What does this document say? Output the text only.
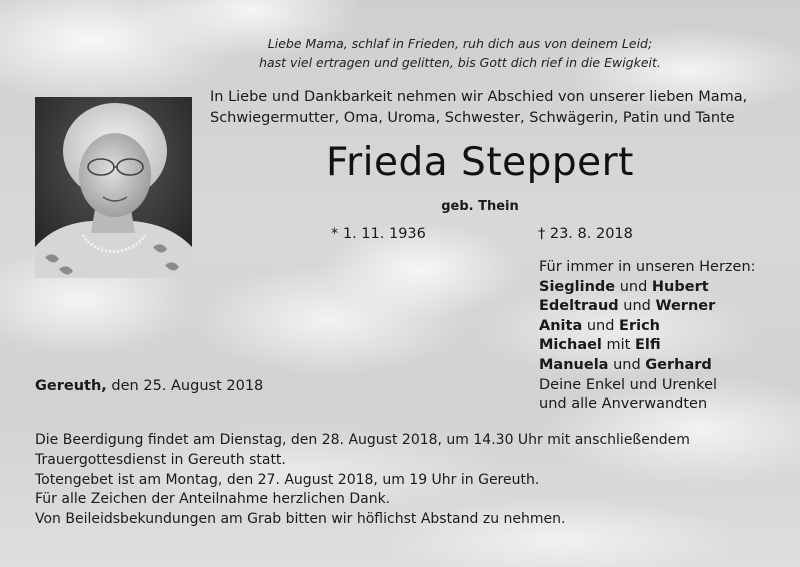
Liebe Mama, schlaf in Frieden, ruh dich aus von deinem Leid;
hast viel ertragen und gelitten, bis Gott dich rief in die Ewigkeit.
In Liebe und Dankbarkeit nehmen wir Abschied von unserer lieben Mama,
Schwiegermutter, Oma, Uroma, Schwester, Schwägerin, Patin und Tante
Frieda Steppert
geb. Thein
* 1. 11. 1936	† 23. 8. 2018
Für immer in unseren Herzen:
Sieglinde und Hubert
Edeltraud und Werner
Anita und Erich
Michael mit Elfi
Manuela und Gerhard
Deine Enkel und Urenkel
und alle Anverwandten
Gereuth, den 25. August 2018
Die Beerdigung findet am Dienstag, den 28. August 2018, um 14.30 Uhr mit anschließendem
Trauergottesdienst in Gereuth statt.
Totengebet ist am Montag, den 27. August 2018, um 19 Uhr in Gereuth.
Für alle Zeichen der Anteilnahme herzlichen Dank.
Von Beileidsbekundungen am Grab bitten wir höflichst Abstand zu nehmen.
